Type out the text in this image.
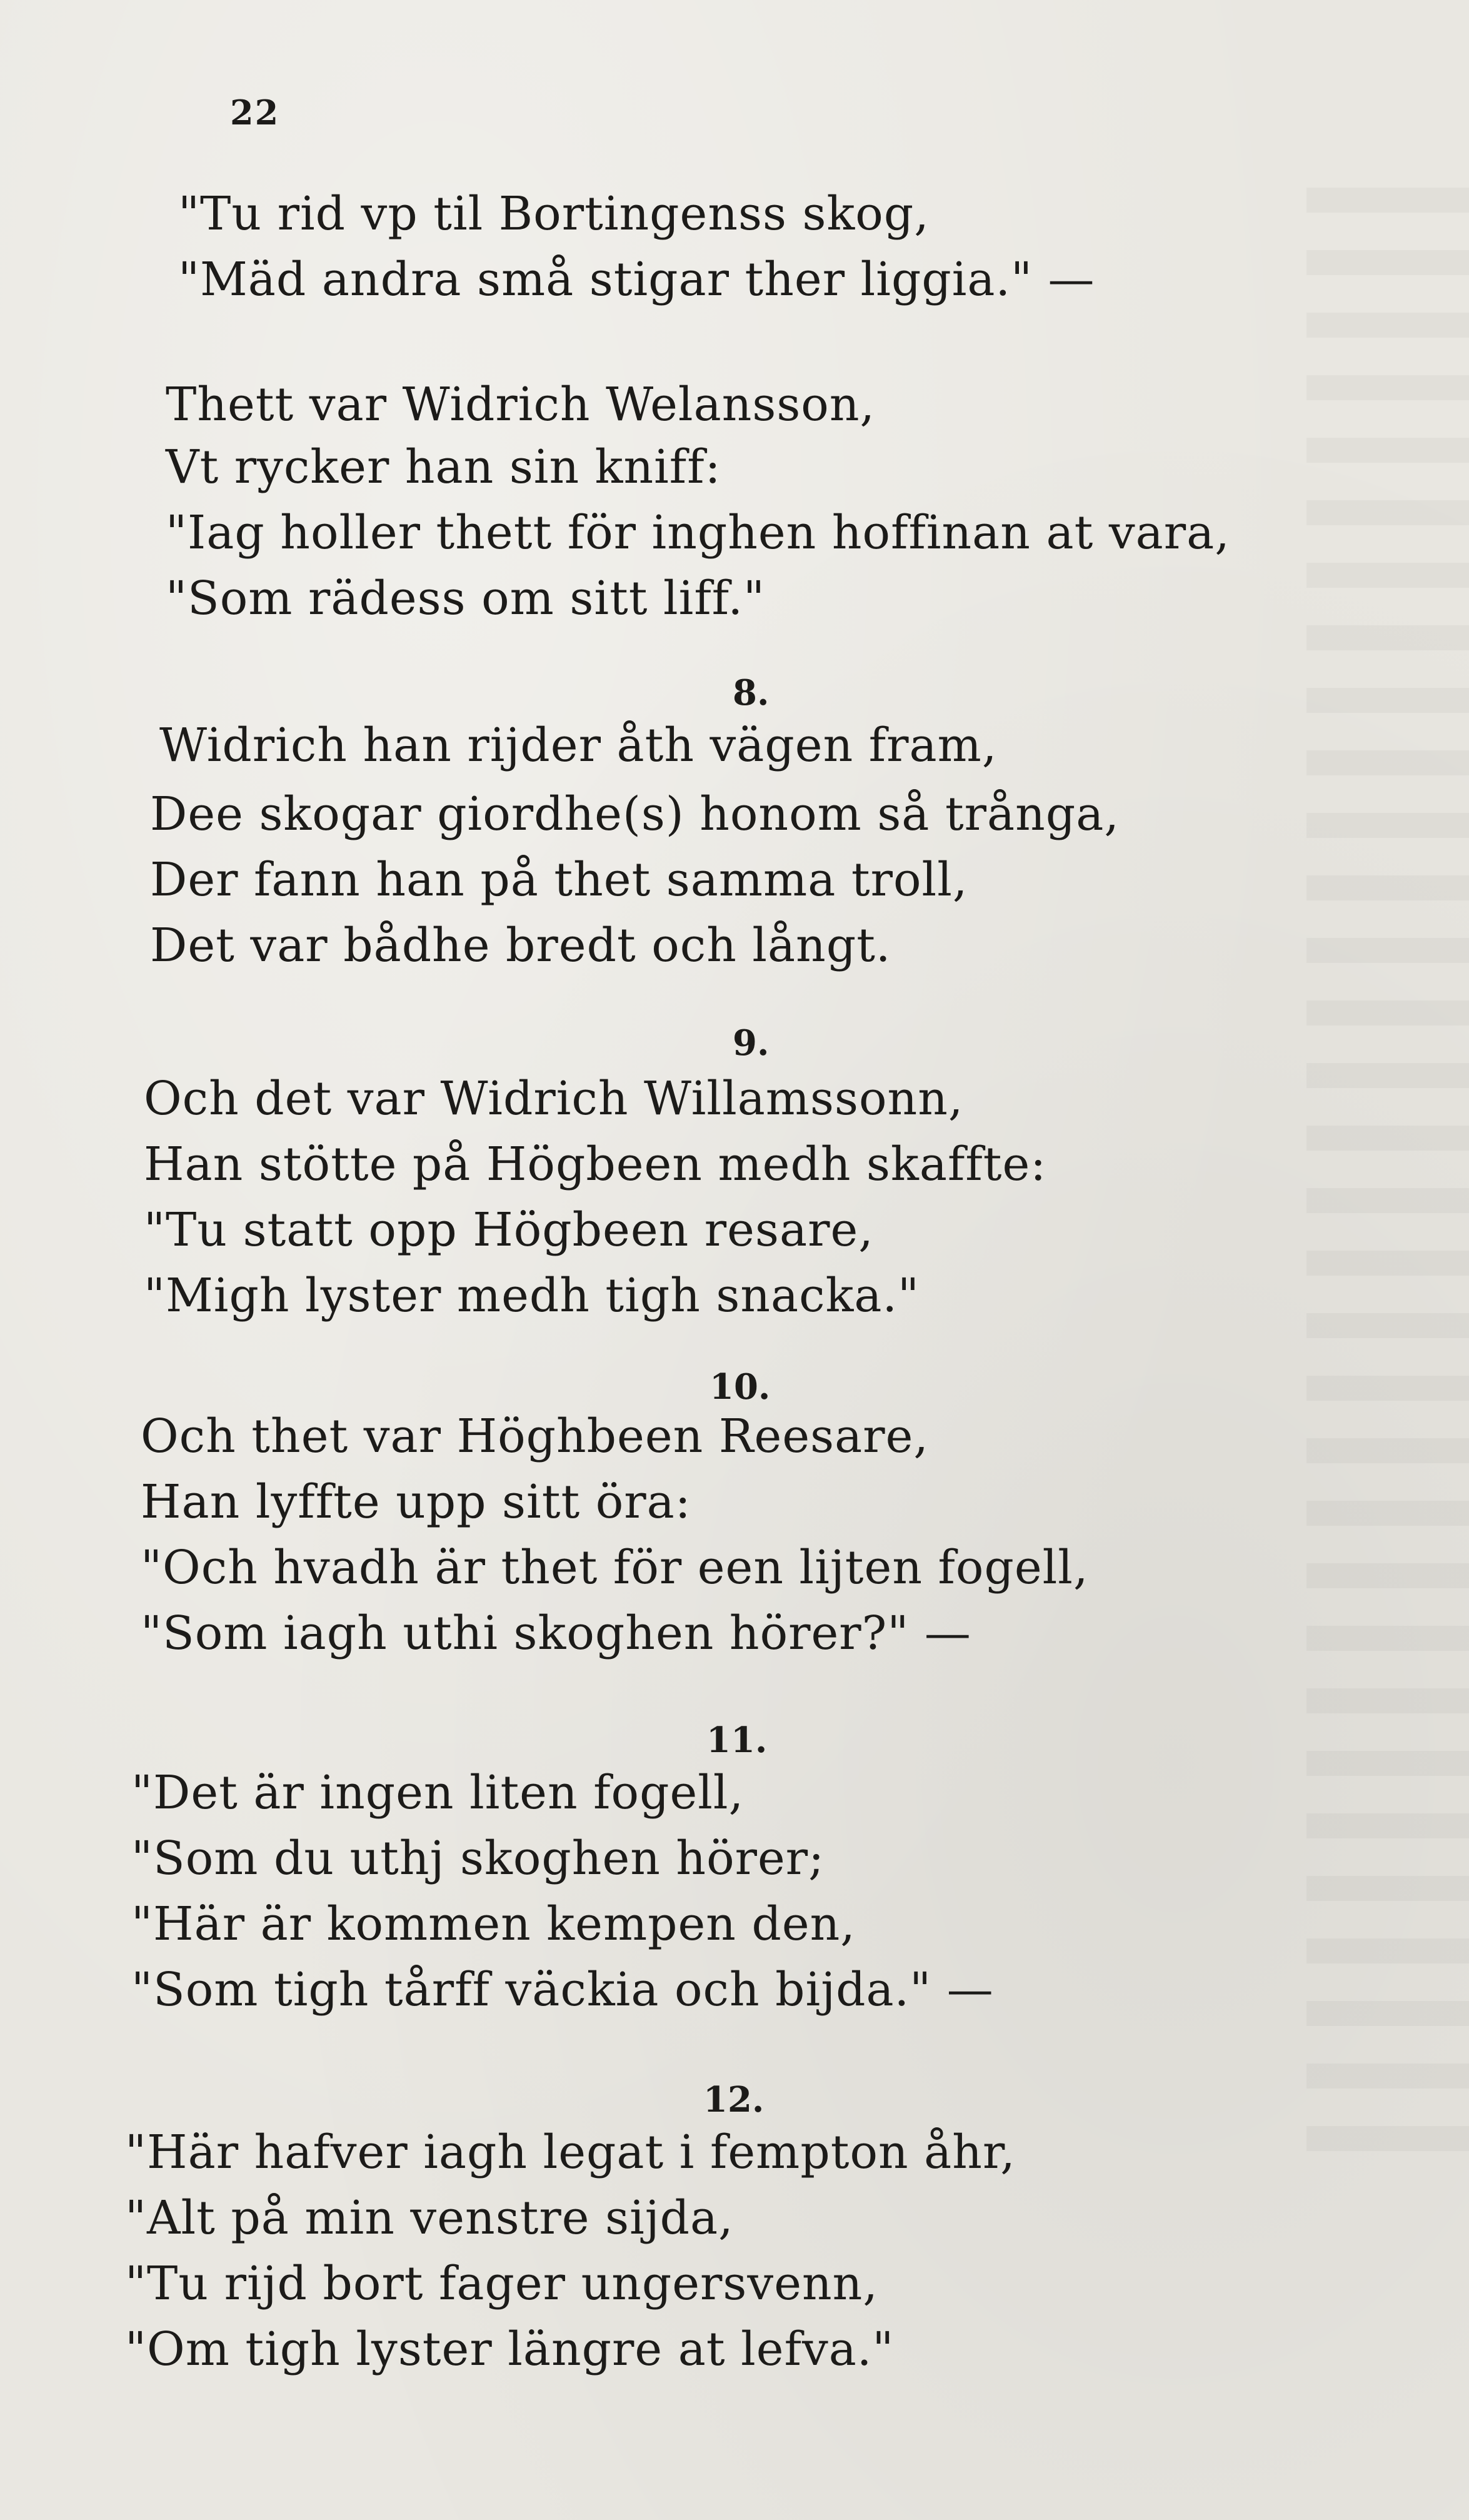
22
"Tu rid vp til Bortingenss skog,
"Mäd andra små stigar ther liggia." —
Thett var Widrich Welansson,
Vt rycker han sin kniff:
"Iag holler thett för inghen hoffinan at vara,
"Som rädess om sitt liff."
8.
Widrich han rijder åth vägen fram,
Dee skogar giordhe(s) honom så trånga,
Der fann han på thet samma troll,
Det var bådhe bredt och långt.
9.
Och det var Widrich Willamssonn,
Han stötte på Högbeen medh skaffte:
"Tu statt opp Högbeen resare,
"Migh lyster medh tigh snacka."
10.
Och thet var Höghbeen Reesare,
Han lyffte upp sitt öra:
"Och hvadh är thet för een lijten fogell,
"Som iagh uthi skoghen hörer?" —
11.
"Det är ingen liten fogell,
"Som du uthj skoghen hörer;
"Här är kommen kempen den,
"Som tigh tårff väckia och bijda." —
12.
"Här hafver iagh legat i fempton åhr,
"Alt på min venstre sijda,
"Tu rijd bort fager ungersvenn,
"Om tigh lyster längre at lefva."
